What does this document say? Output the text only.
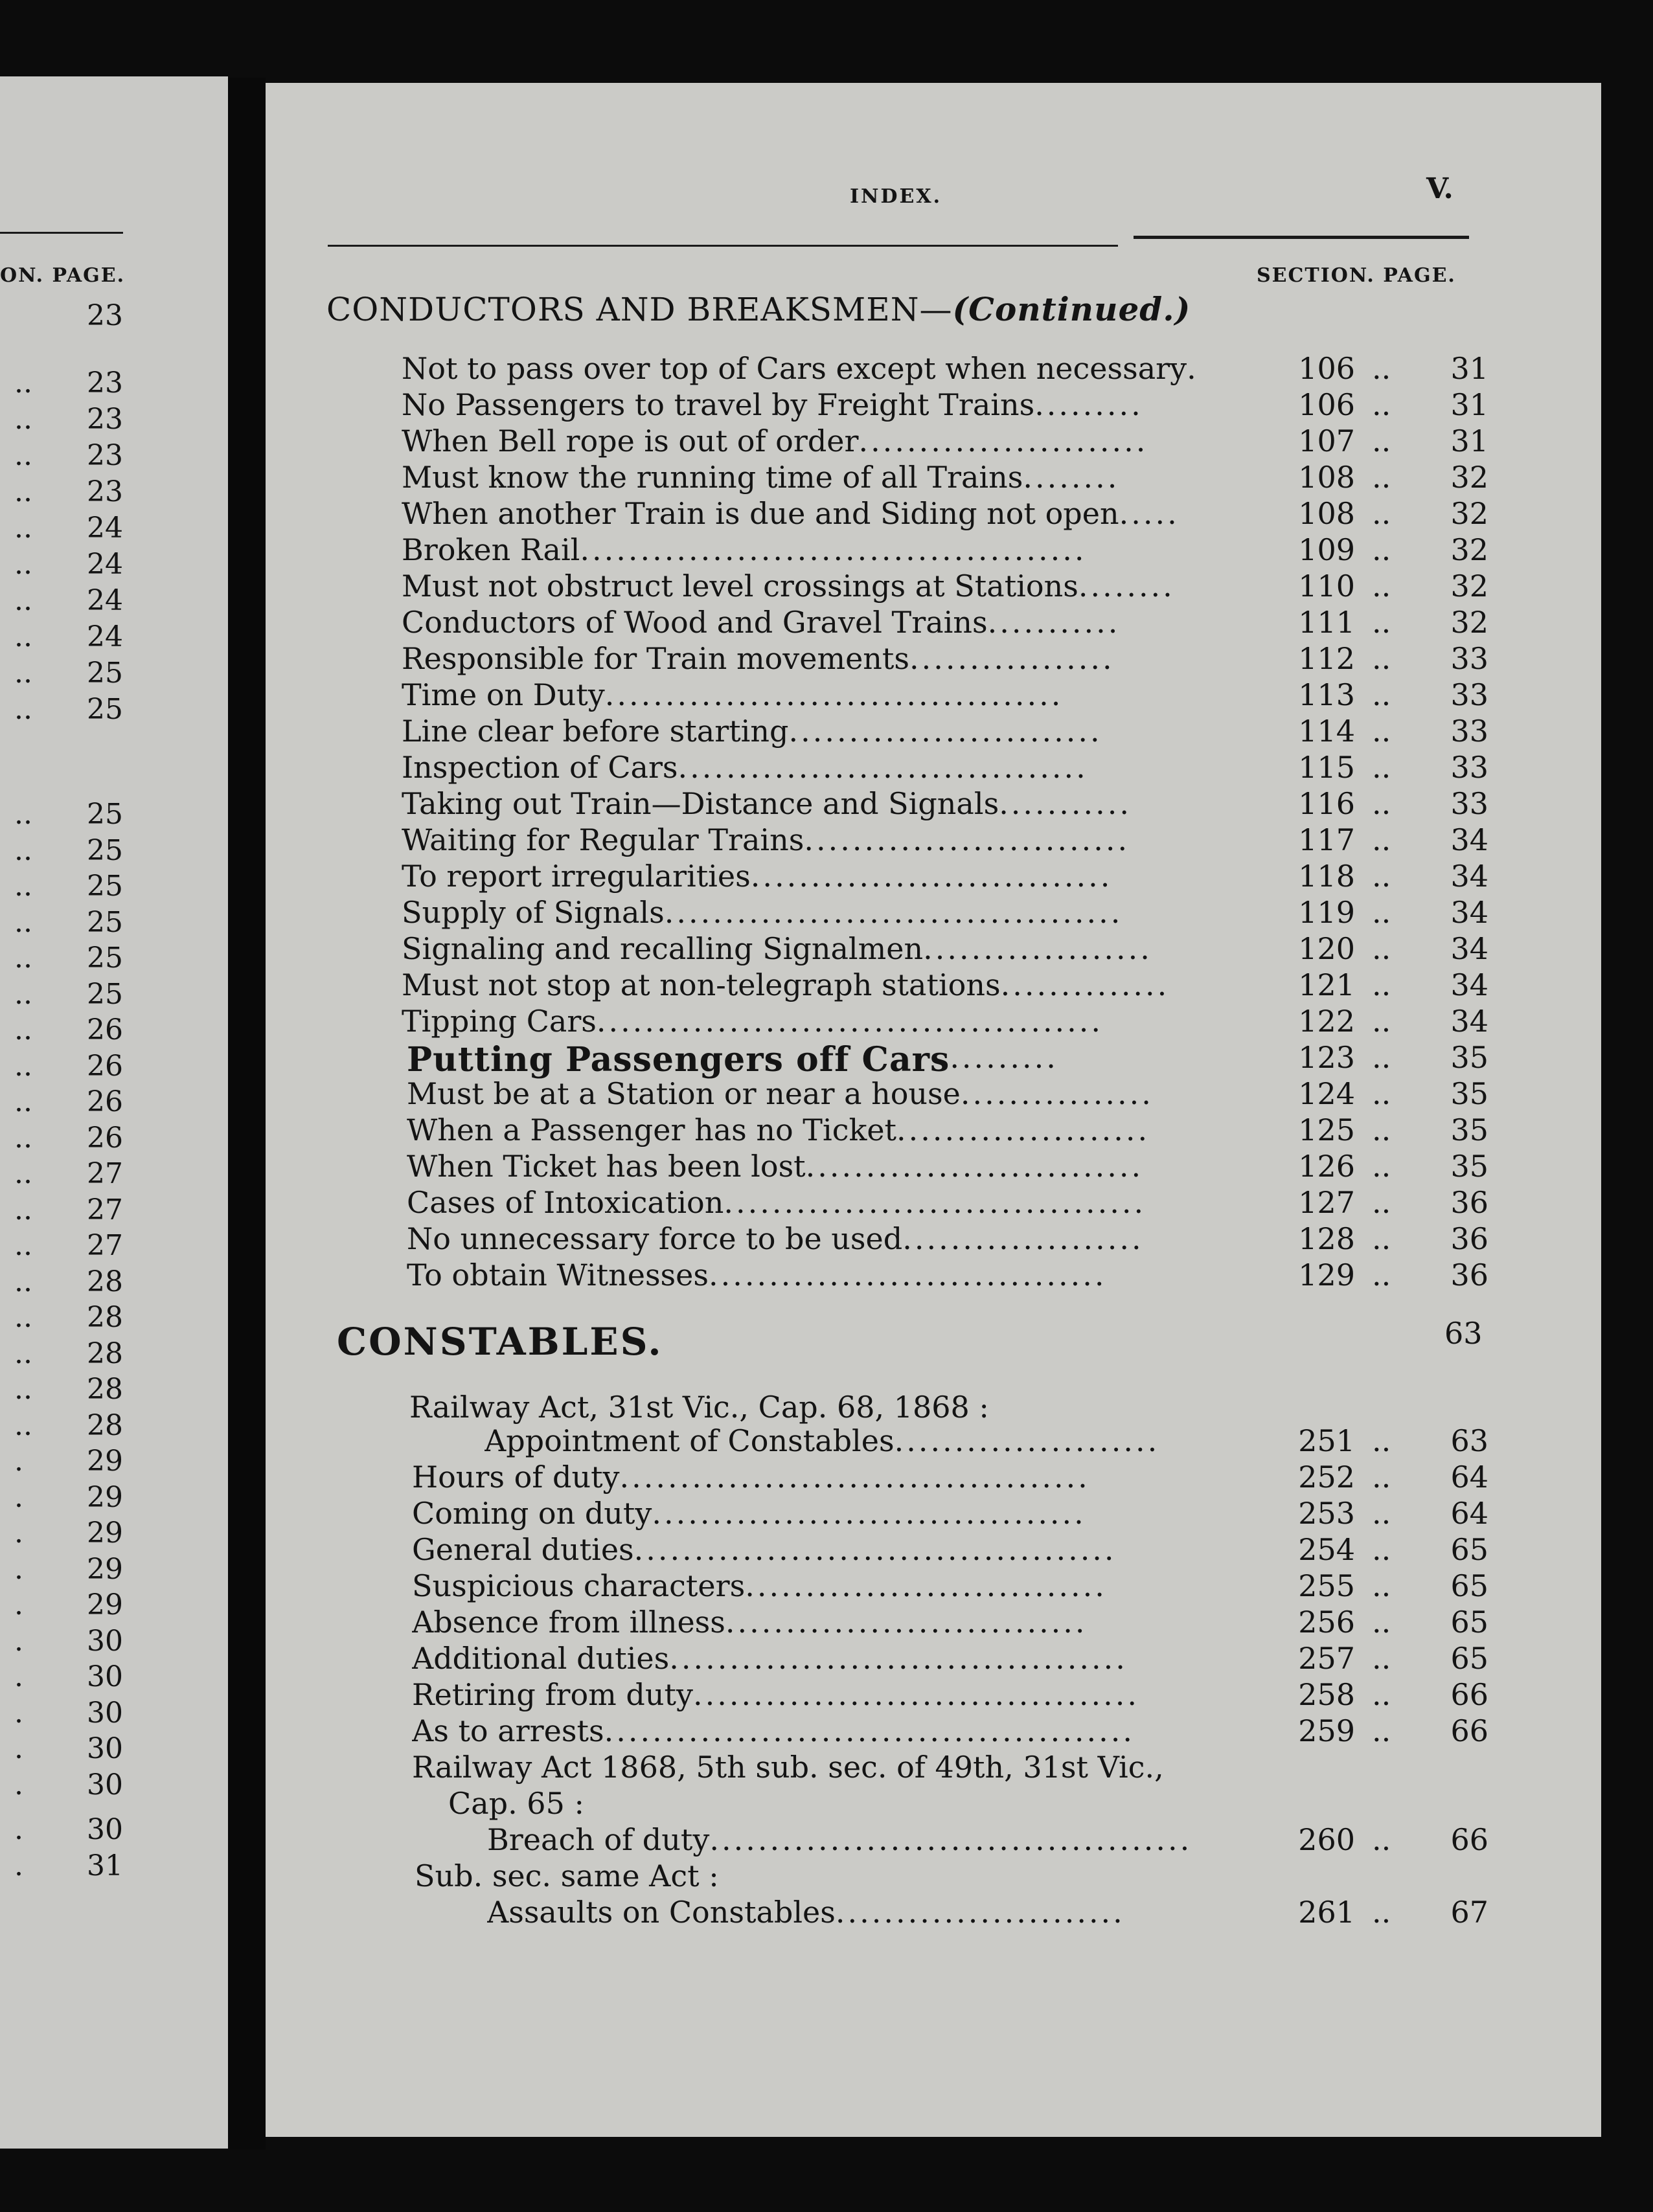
ON. PAGE.
23
..	23
..	23
..	23
..	23
..	24
..	24
..	24
..	24
..	25
..	25
..	25
..	25
..	25
..	25
..	25
..	25
..	26
..	26
..	26
..	26
..	27
..	27
..	27
..	28
..	28
..	28
..	28
..	28
.	29
.	29
.	29
.	29
.	29
.	30
.	30
.	30
.	30
.	30
.	30
.	31
INDEX.	V.
SECTION. PAGE.
CONDUCTORS AND BREAKSMEN—(Continued.)
Not to pass over top of Cars except when necessary .	106 ..	31
No Passengers to travel by Freight Trains .........	106 ..	31
When Bell rope is out of order ........................	107 ..	31
Must know the running time of all Trains ........	108 ..	32
When another Train is due and Siding not open .....	108 ..	32
Broken Rail ..........................................	109 ..	32
Must not obstruct level crossings at Stations ........	110 ..	32
Conductors of Wood and Gravel Trains ...........	111 ..	32
Responsible for Train movements .................	112 ..	33
Time on Duty ......................................	113 ..	33
Line clear before starting ..........................	114 ..	33
Inspection of Cars ..................................	115 ..	33
Taking out Train—Distance and Signals ...........	116 ..	33
Waiting for Regular Trains ...........................	117 ..	34
To report irregularities ..............................	118 ..	34
Supply of Signals ......................................	119 ..	34
Signaling and recalling Signalmen ...................	120 ..	34
Must not stop at non-telegraph stations ..............	121 ..	34
Tipping Cars ..........................................	122 ..	34
Putting Passengers off Cars .........	123 ..	35
Must be at a Station or near a house ................	124 ..	35
When a Passenger has no Ticket .....................	125 ..	35
When Ticket has been lost ............................	126 ..	35
Cases of Intoxication ...................................	127 ..	36
No unnecessary force to be used ....................	128 ..	36
To obtain Witnesses .................................	129 ..	36
CONSTABLES.	63
Railway Act, 31st Vic., Cap. 68, 1868 :
Appointment of Constables ......................	251 ..	63
Hours of duty .......................................	252 ..	64
Coming on duty ....................................	253 ..	64
General duties ........................................	254 ..	65
Suspicious characters ..............................	255 ..	65
Absence from illness ..............................	256 ..	65
Additional duties ......................................	257 ..	65
Retiring from duty .....................................	258 ..	66
As to arrests ............................................	259 ..	66
Breach of duty ........................................	260 ..	66
Assaults on Constables ........................	261 ..	67
Railway Act 1868, 5th sub. sec. of 49th, 31st Vic.,
Cap. 65 :
Sub. sec. same Act :
